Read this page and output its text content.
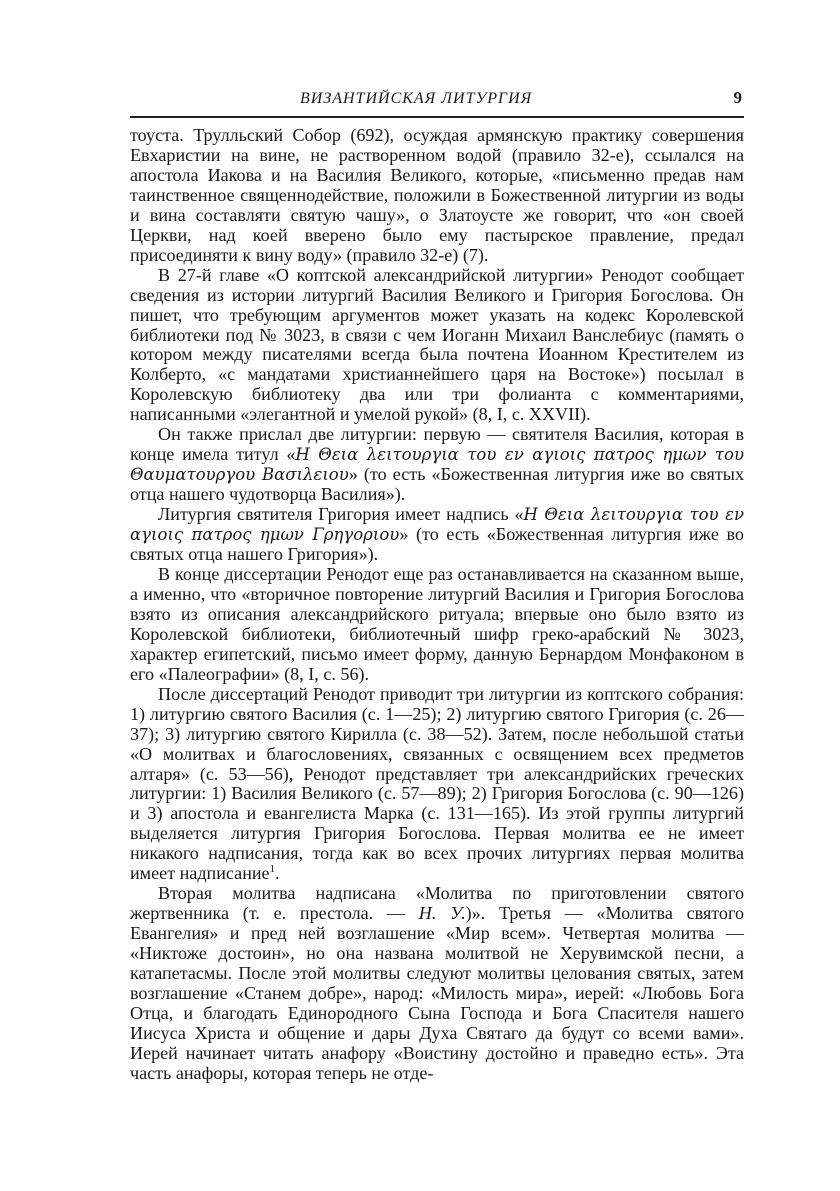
ВИЗАНТИЙСКАЯ ЛИТУРГИЯ	9

тоуста. Трулльский Собор (692), осуждая армянскую практику совершения Евхаристии на вине, не растворенном водой (правило 32-е), ссылался на апостола Иакова и на Василия Великого, которые, «письменно предав нам таинственное священнодействие, положили в Божественной литургии из воды и вина составляти святую чашу», о Златоусте же говорит, что «он своей Церкви, над коей вверено было ему пастырское правление, предал присоединяти к вину воду» (правило 32-е) (7).

В 27-й главе «О коптской александрийской литургии» Ренодот сообщает сведения из истории литургий Василия Великого и Григория Богослова. Он пишет, что требующим аргументов может указать на кодекс Королевской библиотеки под № 3023, в связи с чем Иоганн Михаил Ванслебиус (память о котором между писателями всегда была почтена Иоанном Крестителем из Колберто, «с мандатами христианнейшего царя на Востоке») посылал в Королевскую библиотеку два или три фолианта с комментариями, написанными «элегантной и умелой рукой» (8, I, с. XXVII).

Он также прислал две литургии: первую — святителя Василия, которая в конце имела титул «Η Θεια λειτουργια του εν αγιοις πατρος ημων του Θαυματουργου Βασιλειου» (то есть «Божественная литургия иже во святых отца нашего чудотворца Василия»).

Литургия святителя Григория имеет надпись «Η Θεια λειτουργια του εν αγιοις πατρος ημων Γρηγοριου» (то есть «Божественная литургия иже во святых отца нашего Григория»).

В конце диссертации Ренодот еще раз останавливается на сказанном выше, а именно, что «вторичное повторение литургий Василия и Григория Богослова взято из описания александрийского ритуала; впервые оно было взято из Королевской библиотеки, библиотечный шифр греко-арабский № 3023, характер египетский, письмо имеет форму, данную Бернардом Монфаконом в его «Палеографии» (8, I, с. 56).

После диссертаций Ренодот приводит три литургии из коптского собрания: 1) литургию святого Василия (с. 1—25); 2) литургию святого Григория (с. 26—37); 3) литургию святого Кирилла (с. 38—52). Затем, после небольшой статьи «О молитвах и благословениях, связанных с освящением всех предметов алтаря» (с. 53—56), Ренодот представляет три александрийских греческих литургии: 1) Василия Великого (с. 57—89); 2) Григория Богослова (с. 90—126) и 3) апостола и евангелиста Марка (с. 131—165). Из этой группы литургий выделяется литургия Григория Богослова. Первая молитва ее не имеет никакого надписания, тогда как во всех прочих литургиях первая молитва имеет надписание$^1$.

Вторая молитва надписана «Молитва по приготовлении святого жертвенника (т. е. престола. — Н. У.)». Третья — «Молитва святого Евангелия» и пред ней возглашение «Мир всем». Четвертая молитва — «Никтоже достоин», но она названа молитвой не Херувимской песни, а катапетасмы. После этой молитвы следуют молитвы целования святых, затем возглашение «Станем добре», народ: «Милость мира», иерей: «Любовь Бога Отца, и благодать Единородного Сына Господа и Бога Спасителя нашего Иисуса Христа и общение и дары Духа Святаго да будут со всеми вами». Иерей начинает читать анафору «Воистину достойно и праведно есть». Эта часть анафоры, которая теперь не отде-
